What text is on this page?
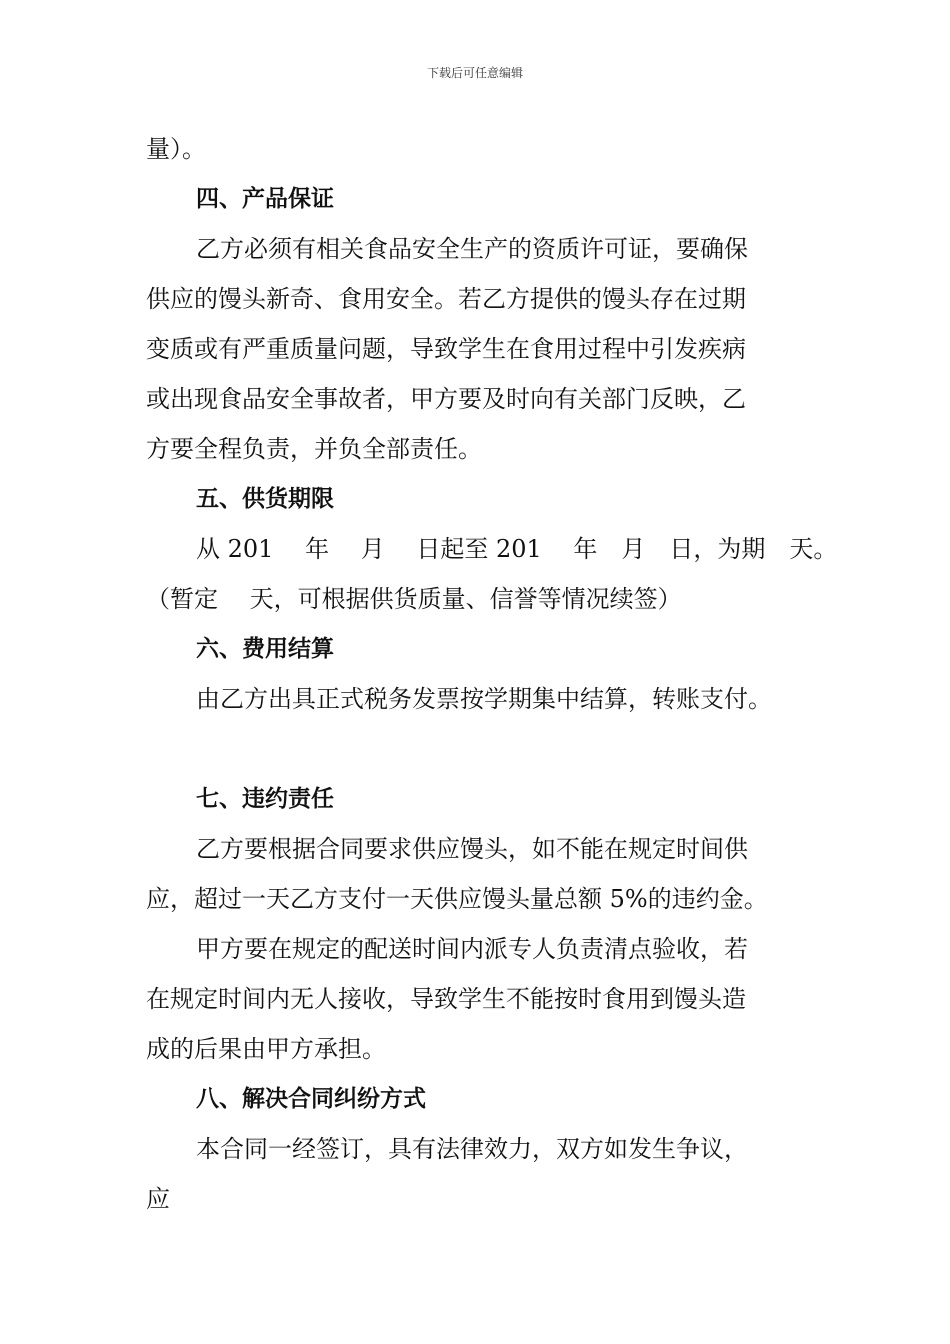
下载后可任意编辑
量）。
四、产品保证
乙方必须有相关食品安全生产的资质许可证，要确保
供应的馒头新奇、食用安全。若乙方提供的馒头存在过期
变质或有严重质量问题，导致学生在食用过程中引发疾病
或出现食品安全事故者，甲方要及时向有关部门反映，乙
方要全程负责，并负全部责任。
五、供货期限
从 201　 年　 月　 日起至 201　 年　月　日，为期　天。
（暂定　 天，可根据供货质量、信誉等情况续签）
六、费用结算
由乙方出具正式税务发票按学期集中结算，转账支付。
七、违约责任
乙方要根据合同要求供应馒头，如不能在规定时间供
应，超过一天乙方支付一天供应馒头量总额 5%的违约金。
甲方要在规定的配送时间内派专人负责清点验收，若
在规定时间内无人接收，导致学生不能按时食用到馒头造
成的后果由甲方承担。
八、解决合同纠纷方式
本合同一经签订，具有法律效力，双方如发生争议，
应
